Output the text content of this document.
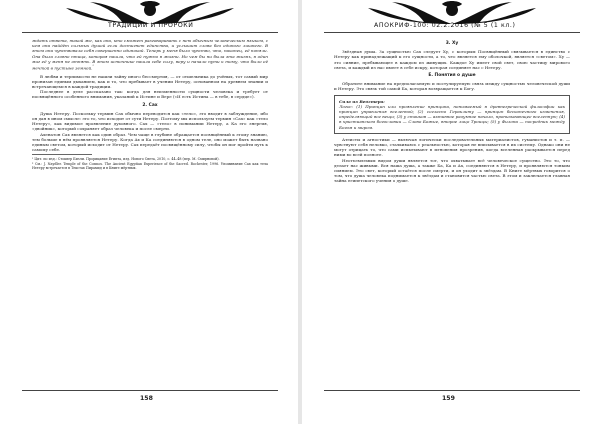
ТРАДИЦИИ И ПРОРОКИ

ждать ответа, такой же, как она, кто сможет разговаривать с нею обычным человеческим языком, с кем она найдёт сильных душой если достигнет единства, и услышит слова без единого лишнего. В этом она чувствовала себя совершенно одинокой. Теперь у меня было чувство, что, наконец, её поняли. Она была словно птица, которая нашла, что ей нужно в жизни. Но чем бы ни была эта жизнь, в один миг её у меня не отнять. В этом источнике нашла себе силу, веру и начало пути к тому, что было её мечтой в пустыне земной.$^{^1}$

В любви и терпимости не нашли тайну иного бессмертия, — от отшельника до учёных, тот самый мир пронизан единым дыханием, как и то, что пребывает в учении Нетеру, основанном на древнем знании и встречающемся в каждой традиции.

Последнее в деле рассказано так: когда для неизменности сущности человека и требует от посвящённого особенного внимания, указаний к Истине и Вере («И есть Истина — в тебе, в сердце»).

2. Сах

Душа Нетеру. Поскольку термин Сах обычно переводится как «тело», это вводит в заблуждение, ибо он дан в ином смысле: это то, что исходит от сути Нетеру. Поэтому мы используем термин «Сах» как «тело Нетеру», как видимое проявление духовного. Сах — «тело» в понимании Нетеру, а Ка его энергия, «двойник», который сохраняет образ человека и после смерти.

Ахенатон Сах является как один образ. Чем чаще в глубине обращается посвящённый к этому знанию, тем больше в нём проявляется Нетеру. Когда Ах и Ка соединяются в одном теле, оно может быть названо единым светом, который исходит от Нетеру. Сах передаёт посвящённому силу, чтобы он мог пройти путь к самому себе.

¹ Цит. по изд.: Стоквер Бизли. Прорицание Египта, изд. Нового Света, 2010, с. 44–48 (пер. М. Смирновой).
² См.: J. Naydler. Temple of the Cosmos. The Ancient Egyptian Experience of the Sacred. Rochester, 1996. Упоминание Сах как тела Нетеру встречается в Текстах Пирамид и в Книге мёртвых.
158
АПОКРИФ-100: 02.2.2016 (№ 5 (1 кл.)
3. Ху

Звёздная душа. За сущностью Сах следует Ху, с которым Посвящённый связывается в единство с Нетеру как принадлежащий к его сущности, а то, что является ему оболочкой, является «светом». Ху — это сияние, пребывающее в каждом из живущих. Каждое Ху имеет свой свет, свою частицу мирового света, и каждый из нас имеет в себе искру, которая соединяет нас с Нетеру.

Е. Понятия о душе

Обратите внимание на предполагаемую и постулируемую связь между сущностью человеческой души и Нетеру. Это связь той самой Ба, которая возвращается к Богу.

Сила из Вебстера:
Логос: (1) Принцип или проявление принципа, понимаемый в древнегреческой философии как принцип управления вселенной; (2) согласно Гераклиту — принцип бесконечного изменения, определяющий все вещи; (3) у стоиков — активное разумное начало, пронизывающее вселенную; (4) в христианском богословии — Слово Божие, второе лицо Троицы; (5) у Филона — посредник между Богом и миром.

Атеисты и агностики — включая логически последовательных материалистов, гуманистов и т. п. — чувствуют себя неловко, сталкиваясь с реальностью, которая не вписывается в их систему. Однако они не могут отрицать то, что сами испытывают в мгновения прозрения, когда вселенная раскрывается перед ними во всей полноте.

Неотъемлемым видом души является тот, что охватывает всё человеческое существо. Это то, что делает нас живыми. Вся наша душа, а также Ба, Ка и Ах, соединяются в Нетеру, и проявляются тонким сиянием. Это свет, который остаётся после смерти, и он уходит к звёздам. В Книге мёртвых говорится о том, что душа человека поднимается к звёздам и становится частью света. В этом и заключается главная тайна египетского учения о душе.

159
